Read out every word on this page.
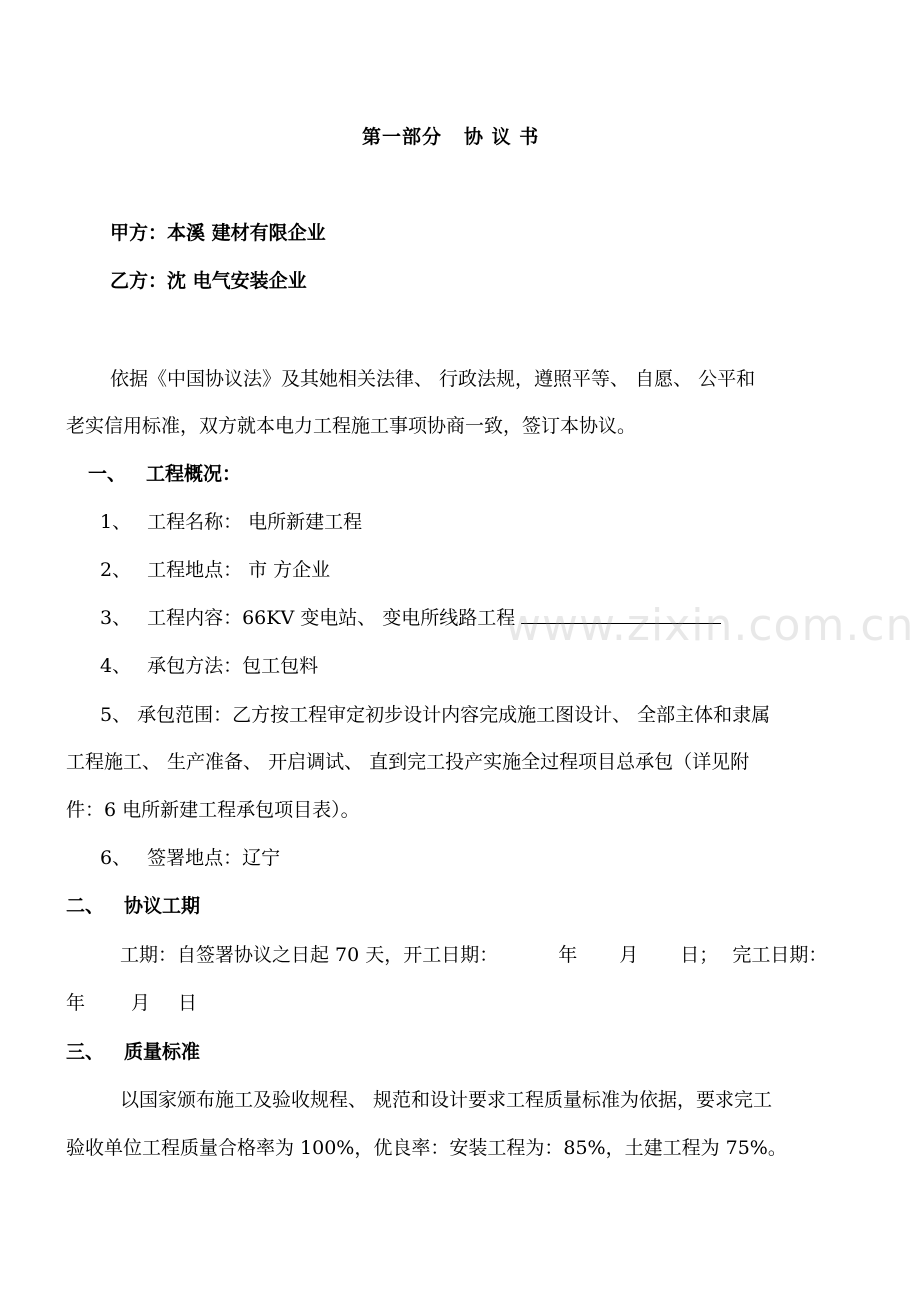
第一部分 协 议 书
甲方：本溪 建材有限企业
乙方：沈 电气安装企业
依据《中国协议法》及其她相关法律、 行政法规，遵照平等、 自愿、 公平和
老实信用标准，双方就本电力工程施工事项协商一致，签订本协议。
一、 工程概况：
1、 工程名称： 电所新建工程
2、 工程地点： 市 方企业
3、 工程内容：66KV 变电站、 变电所线路工程
4、 承包方法：包工包料
5、 承包范围：乙方按工程审定初步设计内容完成施工图设计、 全部主体和隶属
工程施工、 生产准备、 开启调试、 直到完工投产实施全过程项目总承包（详见附
件：6 电所新建工程承包项目表）。
6、 签署地点：辽宁
二、 协议工期
工期：自签署协议之日起 70 天，开工日期：	年 月 日； 完工日期：
年 月 日
三、 质量标准
以国家颁布施工及验收规程、 规范和设计要求工程质量标准为依据，要求完工
验收单位工程质量合格率为 100%，优良率：安装工程为：85%，土建工程为 75%。
www.zixin.com.cn
